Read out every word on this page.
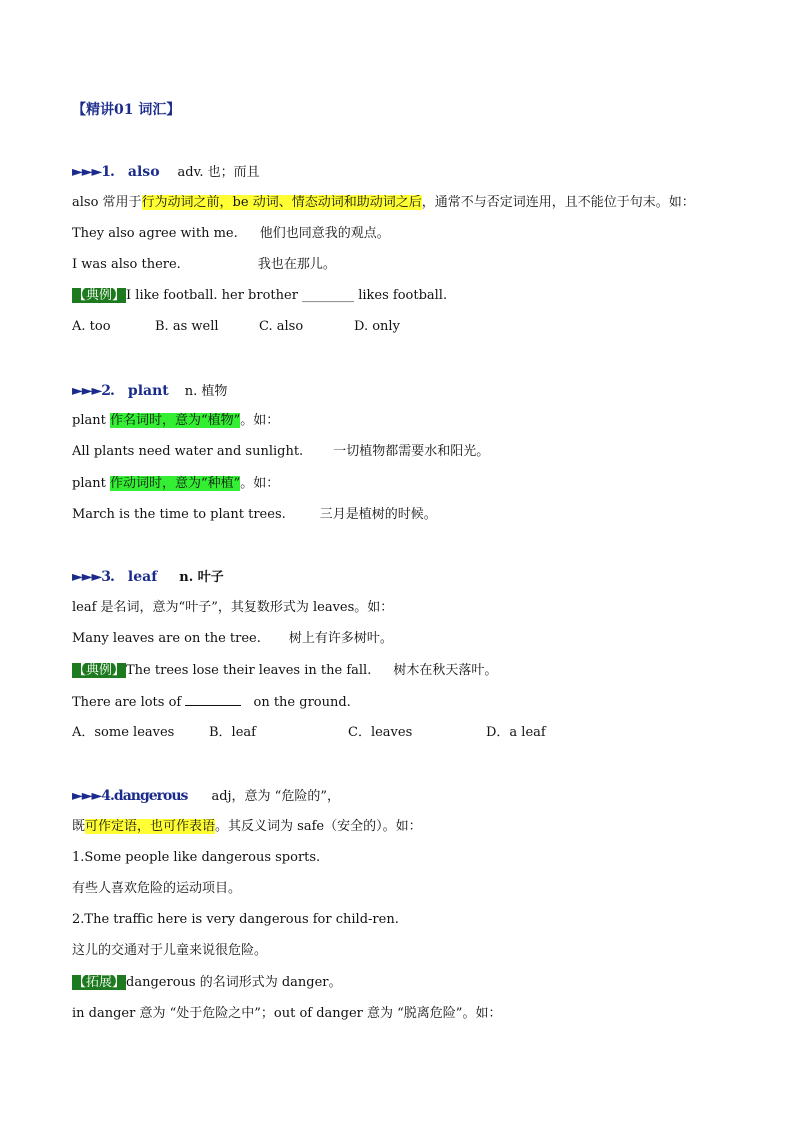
【精讲01 词汇】
►►►1. also adv. 也；而且
also 常用于行为动词之前，be 动词、情态动词和助动词之后，通常不与否定词连用，且不能位于句末。如：
They also agree with me. 他们也同意我的观点。
I was also there.	我也在那儿。
【典例】I like football. her brother ________ likes football.
A. too	B. as well	C. also	D. only
►►►2. plant n. 植物
plant 作名词时，意为“植物”。如：
All plants need water and sunlight. 一切植物都需要水和阳光。
plant 作动词时，意为“种植”。如：
March is the time to plant trees.	三月是植树的时候。
►►►3. leaf n. 叶子
leaf 是名词，意为“叶子”，其复数形式为 leaves。如：
Many leaves are on the tree. 树上有许多树叶。
【典例】The trees lose their leaves in the fall. 树木在秋天落叶。
There are lots of	on the ground.
A．some leaves	B．leaf	C．leaves	D．a leaf
►►►4.dangerous adj，意为 “危险的”，
既可作定语，也可作表语。其反义词为 safe（安全的）。如：
1.Some people like dangerous sports.
有些人喜欢危险的运动项目。
2.The traffic here is very dangerous for child-ren.
这儿的交通对于儿童来说很危险。
【拓展】dangerous 的名词形式为 danger。
in danger 意为 “处于危险之中”；out of danger 意为 “脱离危险”。如：
